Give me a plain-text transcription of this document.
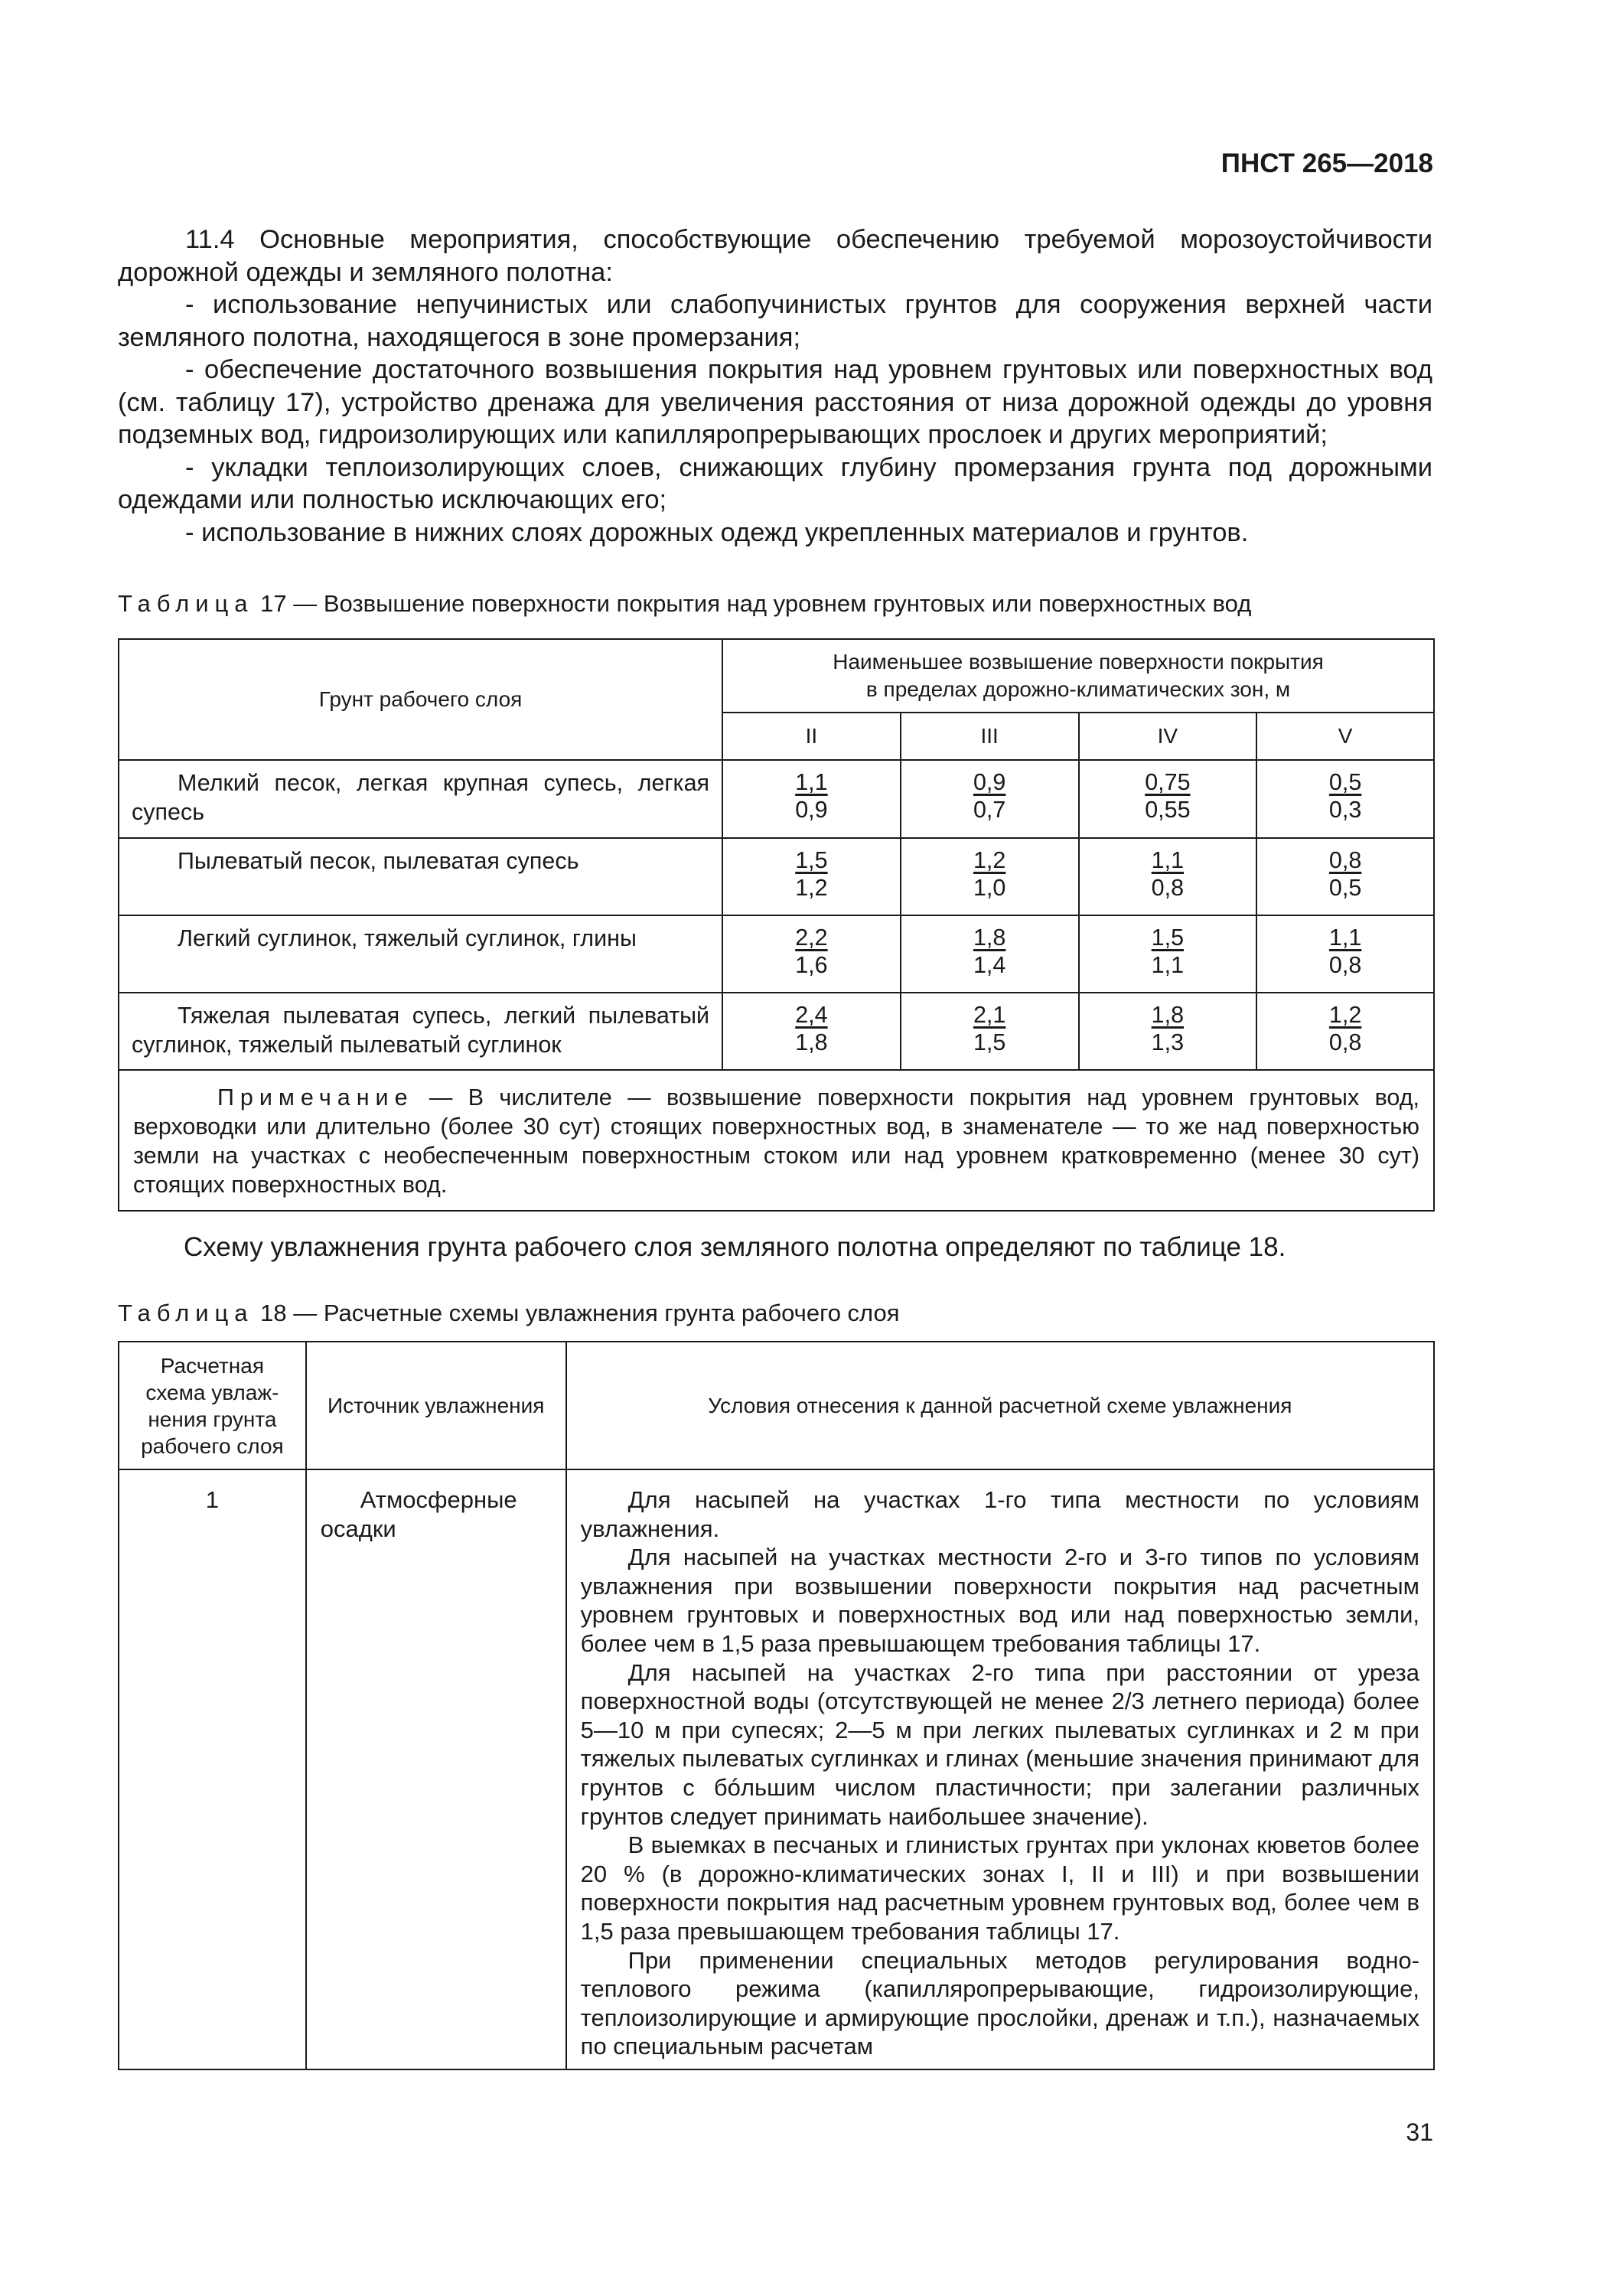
ПНСТ 265—2018

11.4 Основные мероприятия, способствующие обеспечению требуемой морозоустойчивости дорожной одежды и земляного полотна:

- использование непучинистых или слабопучинистых грунтов для сооружения верхней части земляного полотна, находящегося в зоне промерзания;

- обеспечение достаточного возвышения покрытия над уровнем грунтовых или поверхностных вод (см. таблицу 17), устройство дренажа для увеличения расстояния от низа дорожной одежды до уровня подземных вод, гидроизолирующих или капилляропрерывающих прослоек и других мероприятий;

- укладки теплоизолирующих слоев, снижающих глубину промерзания грунта под дорожными одеждами или полностью исключающих его;

- использование в нижних слоях дорожных одежд укрепленных материалов и грунтов.

Таблица 17 — Возвышение поверхности покрытия над уровнем грунтовых или поверхностных вод
Грунт рабочего слоя	Наименьшее возвышение поверхности покрытия
в пределах дорожно-климатических зон, м			
	II	III	IV	V
Мелкий песок, легкая крупная супесь, легкая супесь	$\frac{1,1}{0,9}$	$\frac{0,9}{0,7}$	$\frac{0,75}{0,55}$	$\frac{0,5}{0,3}$

Пылеватый песок, пылеватая супесь	$\frac{1,5}{1,2}$	$\frac{1,2}{1,0}$	$\frac{1,1}{0,8}$	$\frac{0,8}{0,5}$

Легкий суглинок, тяжелый суглинок, глины	$\frac{2,2}{1,6}$	$\frac{1,8}{1,4}$	$\frac{1,5}{1,1}$	$\frac{1,1}{0,8}$

Тяжелая пылеватая супесь, легкий пылеватый суглинок, тяжелый пылеватый суглинок	$\frac{2,4}{1,8}$	$\frac{2,1}{1,5}$	$\frac{1,8}{1,3}$	$\frac{1,2}{0,8}$

Примечание — В числителе — возвышение поверхности покрытия над уровнем грунтовых вод, верховодки или длительно (более 30 сут) стоящих поверхностных вод, в знаменателе — то же над поверхностью земли на участках с необеспеченным поверхностным стоком или над уровнем кратковременно (менее 30 сут) стоящих поверхностных вод.				
Схему увлажнения грунта рабочего слоя земляного полотна определяют по таблице 18.
Таблица 18 — Расчетные схемы увлажнения грунта рабочего слоя
Расчетная
схема увлаж-
нения грунта
рабочего слоя	Источник увлажнения	Условия отнесения к данной расчетной схеме увлажнения
1	Атмосферные осадки	Для насыпей на участках 1-го типа местности по условиям увлажнения.

Для насыпей на участках местности 2-го и 3-го типов по условиям увлажнения при возвышении поверхности покрытия над расчетным уровнем грунтовых и поверхностных вод или над поверхностью земли, более чем в 1,5 раза превышающем требования таблицы 17.

Для насыпей на участках 2-го типа при расстоянии от уреза поверхностной воды (отсутствующей не менее 2/3 летнего периода) более 5—10 м при супесях; 2—5 м при легких пылеватых суглинках и 2 м при тяжелых пылеватых суглинках и глинах (меньшие значения принимают для грунтов с бóльшим числом пластичности; при залегании различных грунтов следует принимать наибольшее значение).

В выемках в песчаных и глинистых грунтах при уклонах кюветов более 20 % (в дорожно-климатических зонах I, II и III) и при возвышении поверхности покрытия над расчетным уровнем грунтовых вод, более чем в 1,5 раза превышающем требования таблицы 17.

При применении специальных методов регулирования водно-теплового режима (капилляропрерывающие, гидроизолирующие, теплоизолирующие и армирующие прослойки, дренаж и т.п.), назначаемых по специальным расчетам

31
